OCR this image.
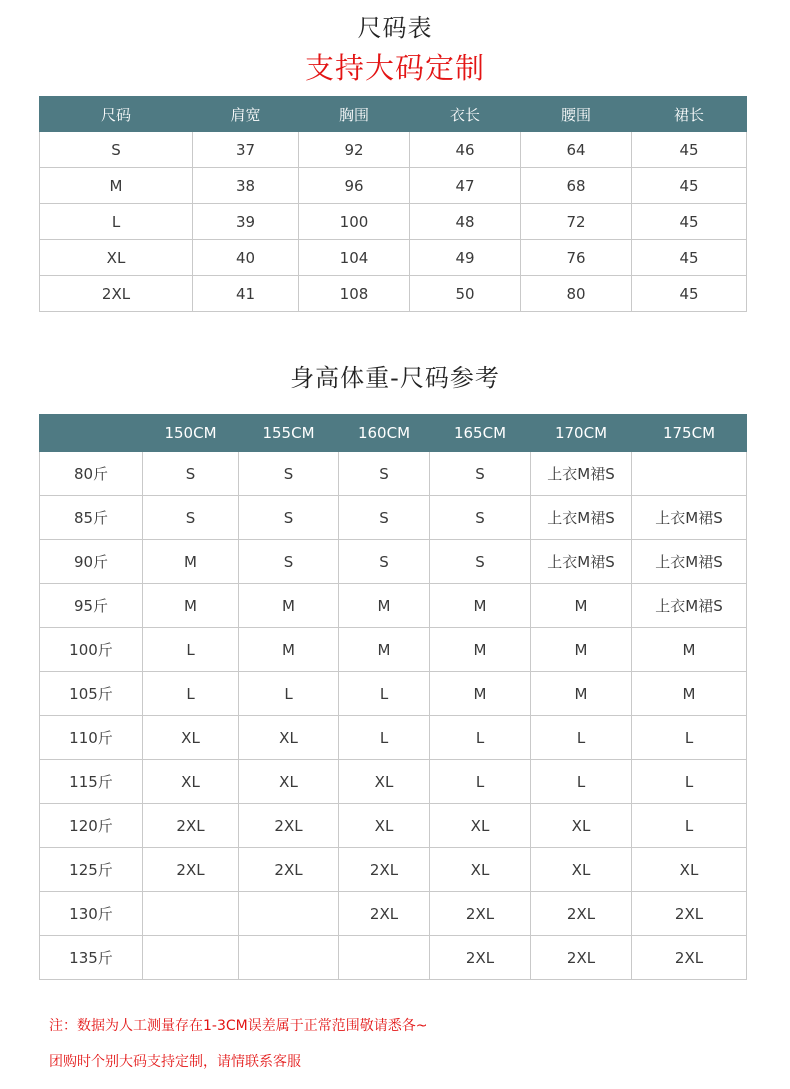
尺码表
支持大码定制
尺码	肩宽	胸围	衣长	腰围	裙长
S	37	92	46	64	45
M	38	96	47	68	45
L	39	100	48	72	45
XL	40	104	49	76	45
2XL	41	108	50	80	45
身高体重-尺码参考
	150CM	155CM	160CM	165CM	170CM	175CM
80斤	S	S	S	S	上衣M裙S	
85斤	S	S	S	S	上衣M裙S	上衣M裙S
90斤	M	S	S	S	上衣M裙S	上衣M裙S
95斤	M	M	M	M	M	上衣M裙S
100斤	L	M	M	M	M	M
105斤	L	L	L	M	M	M
110斤	XL	XL	L	L	L	L
115斤	XL	XL	XL	L	L	L
120斤	2XL	2XL	XL	XL	XL	L
125斤	2XL	2XL	2XL	XL	XL	XL
130斤			2XL	2XL	2XL	2XL
135斤				2XL	2XL	2XL

注：数据为人工测量存在1-3CM误差属于正常范围敬请悉各~

团购时个别大码支持定制，请情联系客服
